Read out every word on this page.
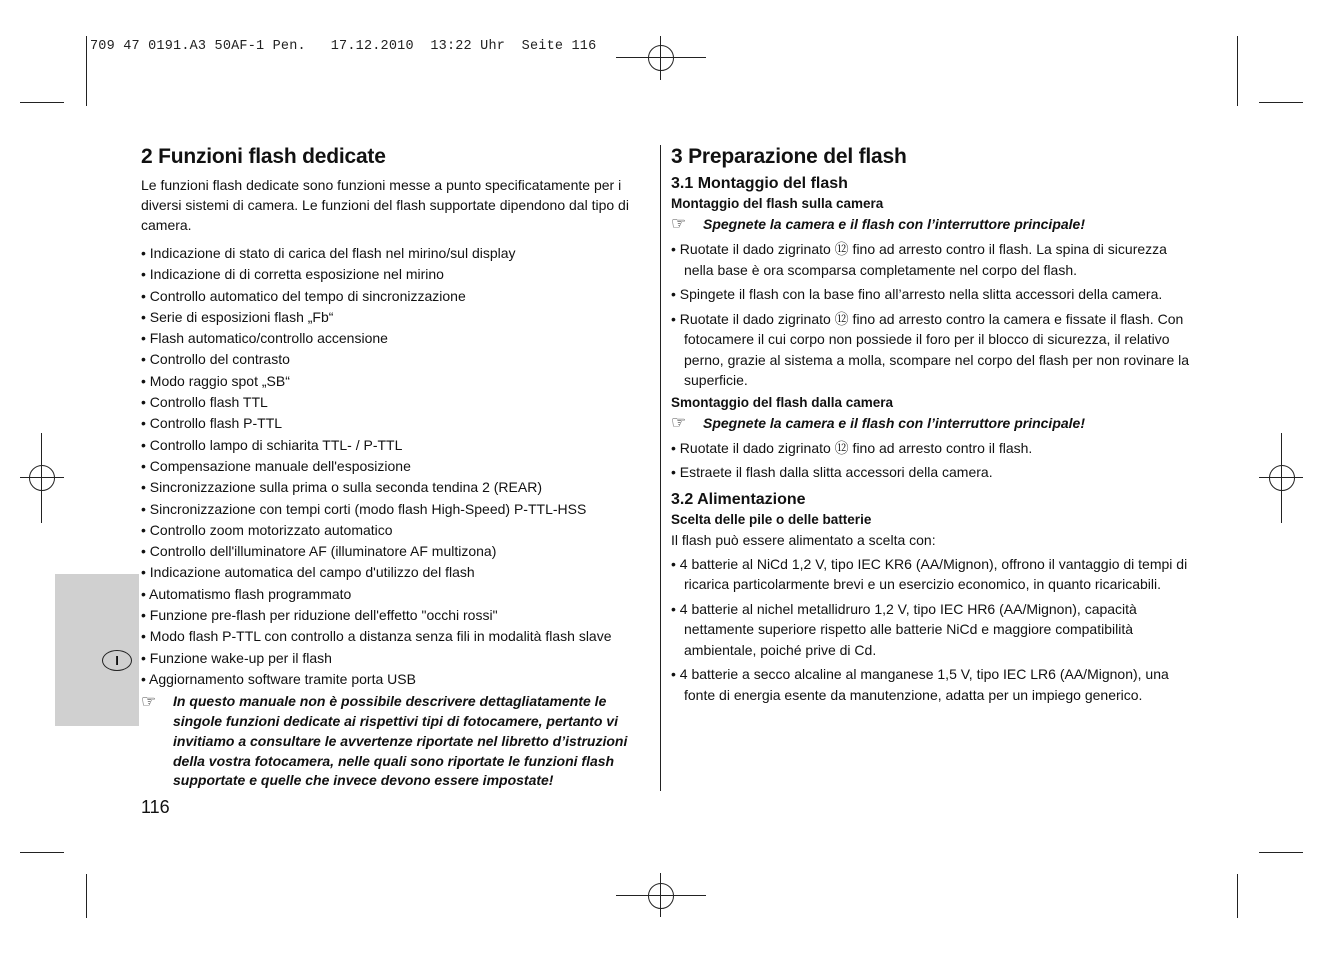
709 47 0191.A3 50AF-1 Pen.   17.12.2010  13:22 Uhr  Seite 116
I
2 Funzioni flash dedicate

Le funzioni flash dedicate sono funzioni messe a punto specificatamente per i diversi sistemi di camera. Le funzioni del flash supportate dipendono dal tipo di camera.

• Indicazione di stato di carica del flash nel mirino/sul display
• Indicazione di di corretta esposizione nel mirino
• Controllo automatico del tempo di sincronizzazione
• Serie di esposizioni flash „Fb“
• Flash automatico/controllo accensione
• Controllo del contrasto
• Modo raggio spot „SB“
• Controllo flash TTL
• Controllo flash P-TTL
• Controllo lampo di schiarita TTL- / P-TTL
• Compensazione manuale dell'esposizione
• Sincronizzazione sulla prima o sulla seconda tendina 2 (REAR)
• Sincronizzazione con tempi corti (modo flash High-Speed) P-TTL-HSS
• Controllo zoom motorizzato automatico
• Controllo dell'illuminatore AF (illuminatore AF multizona)
• Indicazione automatica del campo d'utilizzo del flash
• Automatismo flash programmato
• Funzione pre-flash per riduzione dell'effetto "occhi rossi"
• Modo flash P-TTL con controllo a distanza senza fili in modalità flash slave
• Funzione wake-up per il flash
• Aggiornamento software tramite porta USB
☞	In questo manuale non è possibile descrivere dettagliatamente le singole funzioni dedicate ai rispettivi tipi di fotocamere, pertanto vi invitiamo a consultare le avvertenze riportate nel libretto d’istruzioni della vostra fotocamera, nelle quali sono riportate le funzioni flash supportate e quelle che invece devono essere impostate!
3 Preparazione del flash
3.1 Montaggio del flash
Montaggio del flash sulla camera
☞	Spegnete la camera e il flash con l’interruttore principale!
• Ruotate il dado zigrinato ⑫ fino ad arresto contro il flash. La spina di sicurezza nella base è ora scomparsa completamente nel corpo del flash.
• Spingete il flash con la base fino all’arresto nella slitta accessori della camera.
• Ruotate il dado zigrinato ⑫ fino ad arresto contro la camera e fissate il flash. Con fotocamere il cui corpo non possiede il foro per il blocco di sicurezza, il relativo perno, grazie al sistema a molla, scompare nel corpo del flash per non rovinare la superficie.
Smontaggio del flash dalla camera
☞	Spegnete la camera e il flash con l’interruttore principale!
• Ruotate il dado zigrinato ⑫ fino ad arresto contro il flash.
• Estraete il flash dalla slitta accessori della camera.
3.2 Alimentazione
Scelta delle pile o delle batterie

Il flash può essere alimentato a scelta con:

• 4 batterie al NiCd 1,2 V, tipo IEC KR6 (AA/Mignon), offrono il vantaggio di tempi di ricarica particolarmente brevi e un esercizio economico, in quanto ricaricabili.
• 4 batterie al nichel metallidruro 1,2 V, tipo IEC HR6 (AA/Mignon), capacità nettamente superiore rispetto alle batterie NiCd e maggiore compatibilità ambientale, poiché prive di Cd.
• 4 batterie a secco alcaline al manganese 1,5 V, tipo IEC LR6 (AA/Mignon), una fonte di energia esente da manutenzione, adatta per un impiego generico.
116
